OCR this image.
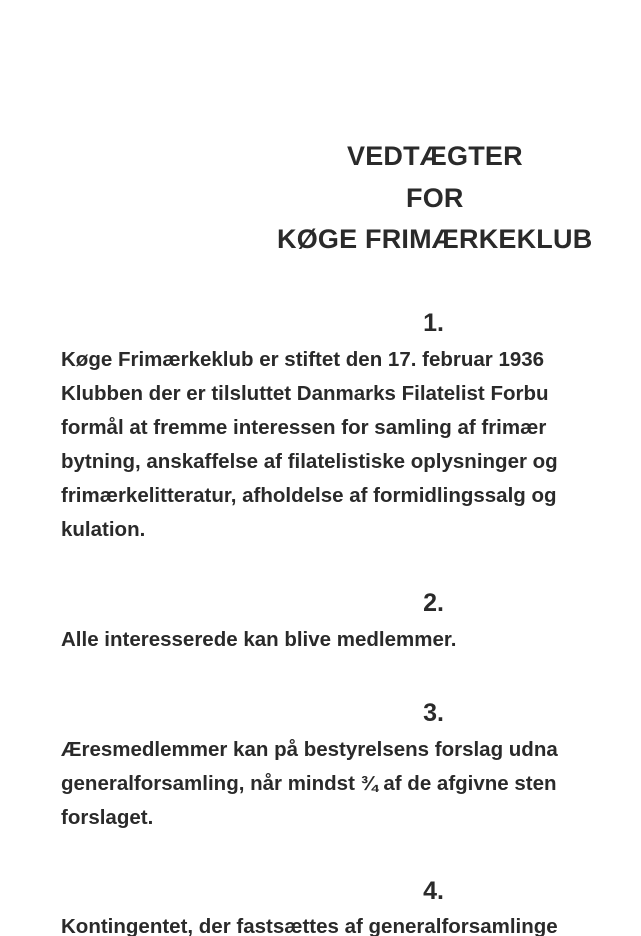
VEDTÆGTER
FOR
KØGE FRIMÆRKEKLUB
1.
Køge Frimærkeklub er stiftet den 17. februar 1936
Klubben der er tilsluttet Danmarks Filatelist Forbu
formål at fremme interessen for samling af frimær
bytning, anskaffelse af filatelistiske oplysninger og
frimærkelitteratur, afholdelse af formidlingssalg og
kulation.
2.
Alle interesserede kan blive medlemmer.
3.
Æresmedlemmer kan på bestyrelsens forslag udna
generalforsamling, når mindst ¾ af de afgivne sten
forslaget.
4.
Kontingentet, der fastsættes af generalforsamlinge
